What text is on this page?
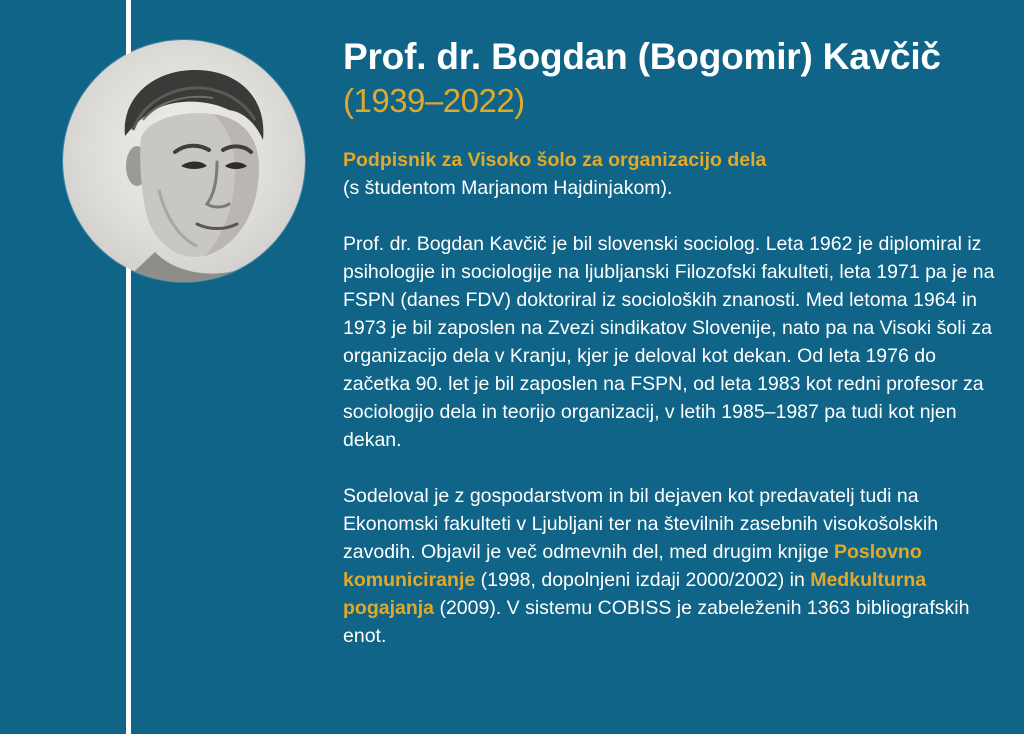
Prof. dr. Bogdan (Bogomir) Kavčič
(1939–2022)

Podpisnik za Visoko šolo za organizacijo dela
(s študentom Marjanom Hajdinjakom).

Prof. dr. Bogdan Kavčič je bil slovenski sociolog. Leta 1962 je diplomiral iz psihologije in sociologije na ljubljanski Filozofski fakulteti, leta 1971 pa je na FSPN (danes FDV) doktoriral iz socioloških znanosti. Med letoma 1964 in 1973 je bil zaposlen na Zvezi sindikatov Slovenije, nato pa na Visoki šoli za organizacijo dela v Kranju, kjer je deloval kot dekan. Od leta 1976 do začetka 90. let je bil zaposlen na FSPN, od leta 1983 kot redni profesor za sociologijo dela in teorijo organizacij, v letih 1985–1987 pa tudi kot njen dekan.

Sodeloval je z gospodarstvom in bil dejaven kot predavatelj tudi na Ekonomski fakulteti v Ljubljani ter na številnih zasebnih visokošolskih zavodih. Objavil je več odmevnih del, med drugim knjige Poslovno komuniciranje (1998, dopolnjeni izdaji 2000/2002) in Medkulturna pogajanja (2009). V sistemu COBISS je zabeleženih 1363 bibliografskih enot.
